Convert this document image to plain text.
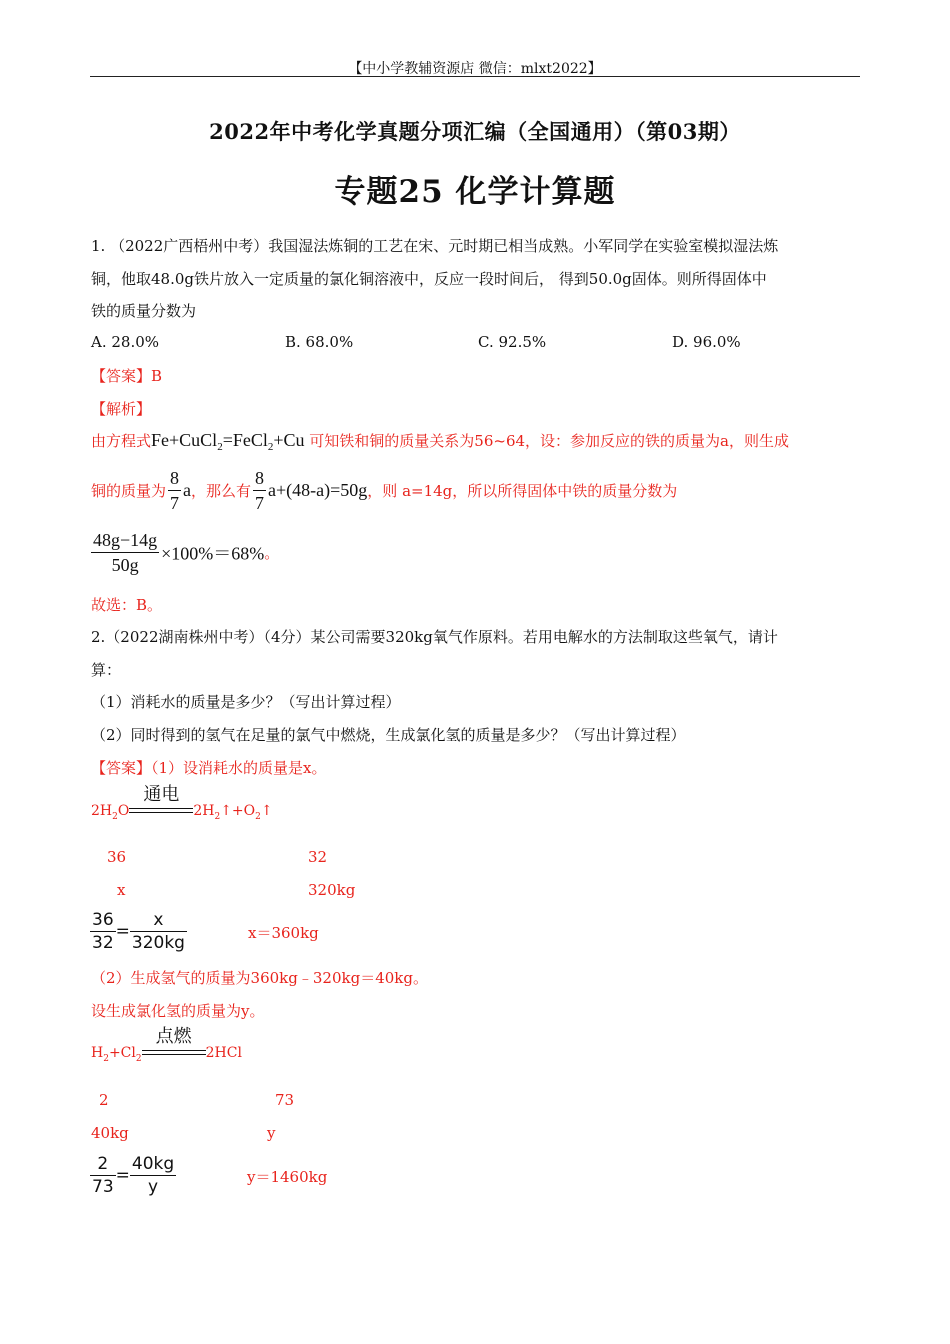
【中小学教辅资源店 微信：mlxt2022】
2022年中考化学真题分项汇编（全国通用）（第03期）
专题25 化学计算题
1. （2022广西梧州中考）我国湿法炼铜的工艺在宋、元时期已相当成熟。小军同学在实验室模拟湿法炼
铜，他取48.0g铁片放入一定质量的氯化铜溶液中，反应一段时间后， 得到50.0g固体。则所得固体中
铁的质量分数为
A. 28.0%	B. 68.0%	C. 92.5%	D. 96.0%
【答案】B
【解析】
由方程式Fe+CuCl$_2$=FeCl$_2$+Cu 可知铁和铜的质量关系为56~64，设：参加反应的铁的质量为a，则生成
铜的质量为 $\frac{8}{7}$ a，那么有 $\frac{8}{7} a+(48-a)=50g$，则 a=14g，所以所得固体中铁的质量分数为
$\frac{48g-14g}{50g} \times 100\%=68\%$。
故选：B。
2.（2022湖南株州中考）（4分）某公司需要320kg氧气作原料。若用电解水的方法制取这些氧气，请计
算：
（1）消耗水的质量是多少？（写出计算过程）
（2）同时得到的氢气在足量的氯气中燃烧，生成氯化氢的质量是多少？（写出计算过程）
【答案】（1）设消耗水的质量是x。
$2H_2O$
通电
$2H_2↑+O_2↑$
36	32
x	320kg
$\frac{36}{32} = \frac{x}{320kg}$	x＝360kg
（2）生成氢气的质量为360kg﹣320kg＝40kg。
设生成氯化氢的质量为y。
$H_2+Cl_2$
点燃
2HCl
2	73
40kg	y
$\frac{2}{73} = \frac{40kg}{y}$	y＝1460kg
